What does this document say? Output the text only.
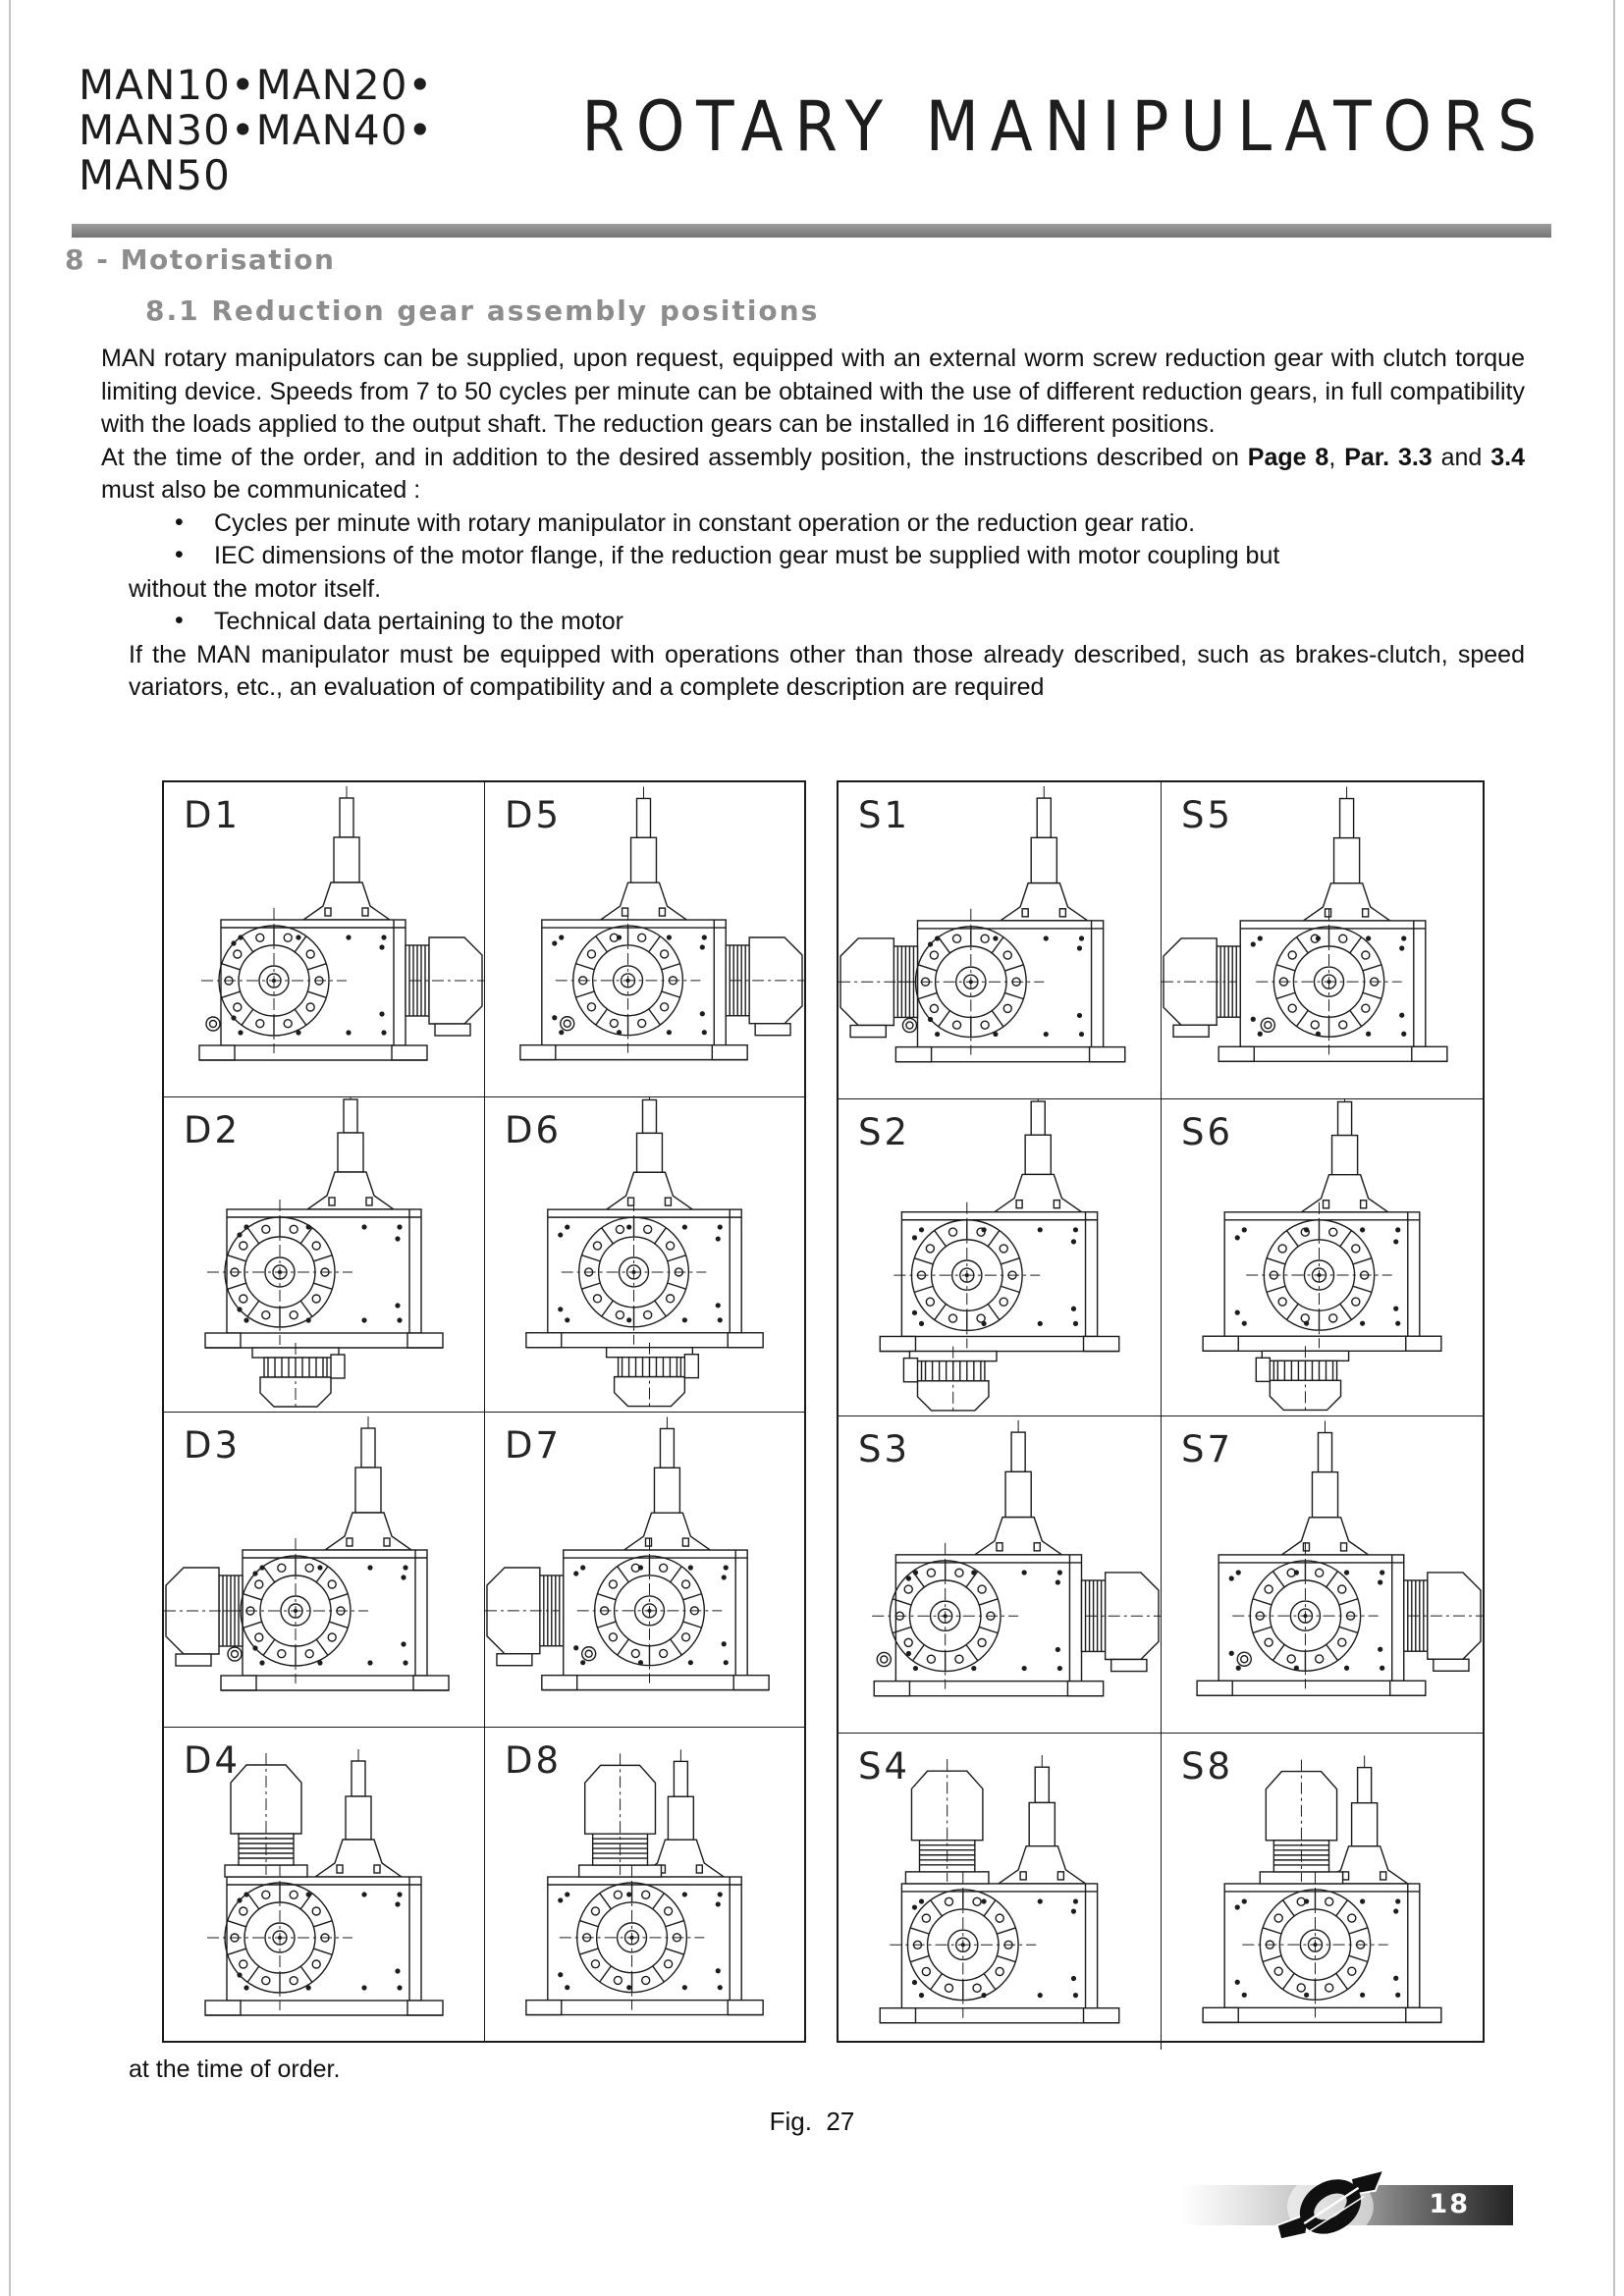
MAN10•MAN20•
MAN30•MAN40•
MAN50
ROTARY MANIPULATORS
8 - Motorisation
8.1 Reduction gear assembly positions

MAN rotary manipulators can be supplied, upon request, equipped with an external worm screw reduction gear with clutch torque limiting device. Speeds from 7 to 50 cycles per minute can be obtained with the use of different reduction gears, in full compatibility with the loads applied to the output shaft. The reduction gears can be installed in 16 different positions.

At the time of the order, and in addition to the desired assembly position, the instructions described on Page 8, Par. 3.3 and 3.4 must also be communicated :

• Cycles per minute with rotary manipulator in constant operation or the reduction gear ratio.
• IEC dimensions of the motor flange, if the reduction gear must be supplied with motor coupling but
without the motor itself.
• Technical data pertaining to the motor

If the MAN manipulator must be equipped with operations other than those already described, such as brakes-clutch, speed variators, etc., an evaluation of compatibility and a complete description are required

D1	D5
D2	D6
D3	D7
D4	D8
S1	S5
S2	S6
S3	S7
S4	S8
at the time of order.
Fig.  27
18
